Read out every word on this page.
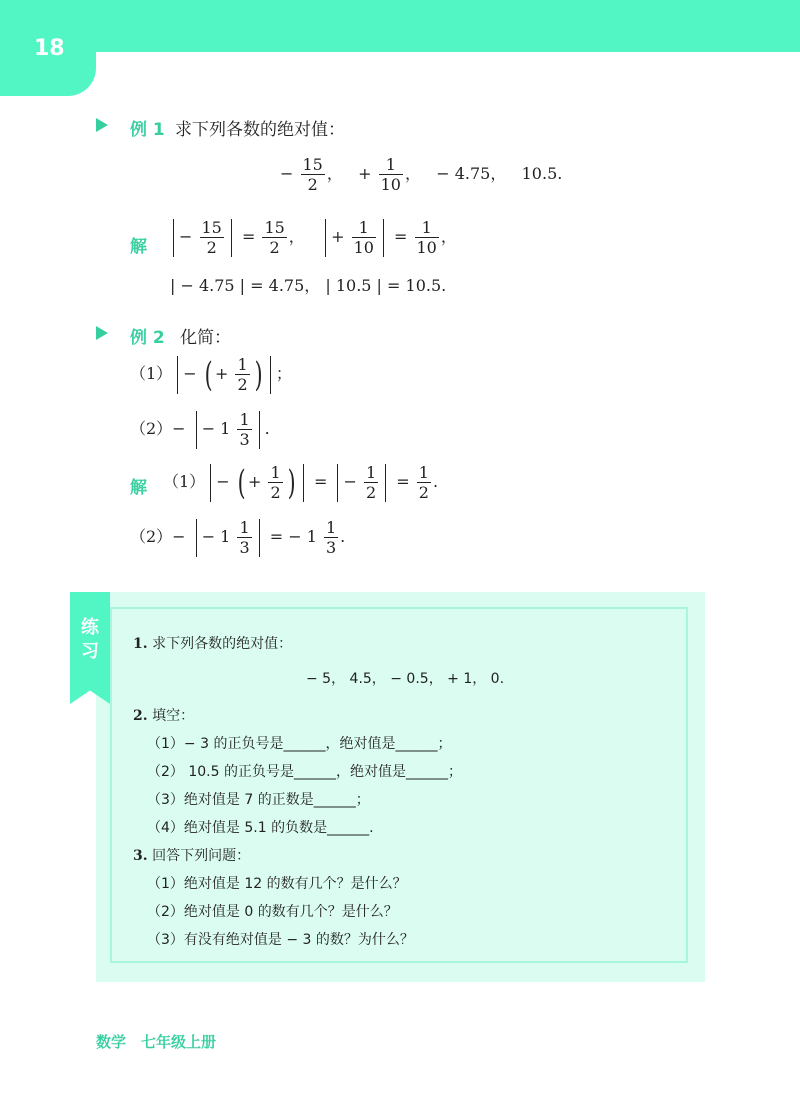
18
例 1 求下列各数的绝对值：
− $\frac{15}{2}$ ，   + $\frac{1}{10}$ ，   − 4.75，   10.5.
解
− $\frac{15}{2} = \frac{15}{2}$ ，   + $\frac{1}{10} = \frac{1}{10}$ ，
| − 4.75 | = 4.75， | 10.5 | = 10.5.
例 2 化简：
（1） − ( + $\frac{1}{2}$ ) ；
$(2)- - 1 \frac{1}{3}$ .
解 （1） − ( + $\frac{1}{2}$ ) = − $\frac{1}{2} = \frac{1}{2}$ .
$(2)- - 1 \frac{1}{3}$ = − $1 \frac{1}{3}$ .
练习	1. 求下列各数的绝对值：
− 5， 4.5， − 0.5， + 1， 0.
2. 填空：
（1）− 3 的正负号是______，绝对值是______；
（2） 10.5 的正负号是______，绝对值是______；
（3）绝对值是 7 的正数是______；
（4）绝对值是 5.1 的负数是______.
3. 回答下列问题：
（1）绝对值是 12 的数有几个？是什么？
（2）绝对值是 0 的数有几个？是什么？
（3）有没有绝对值是 − 3 的数？为什么？
数学　七年级上册
